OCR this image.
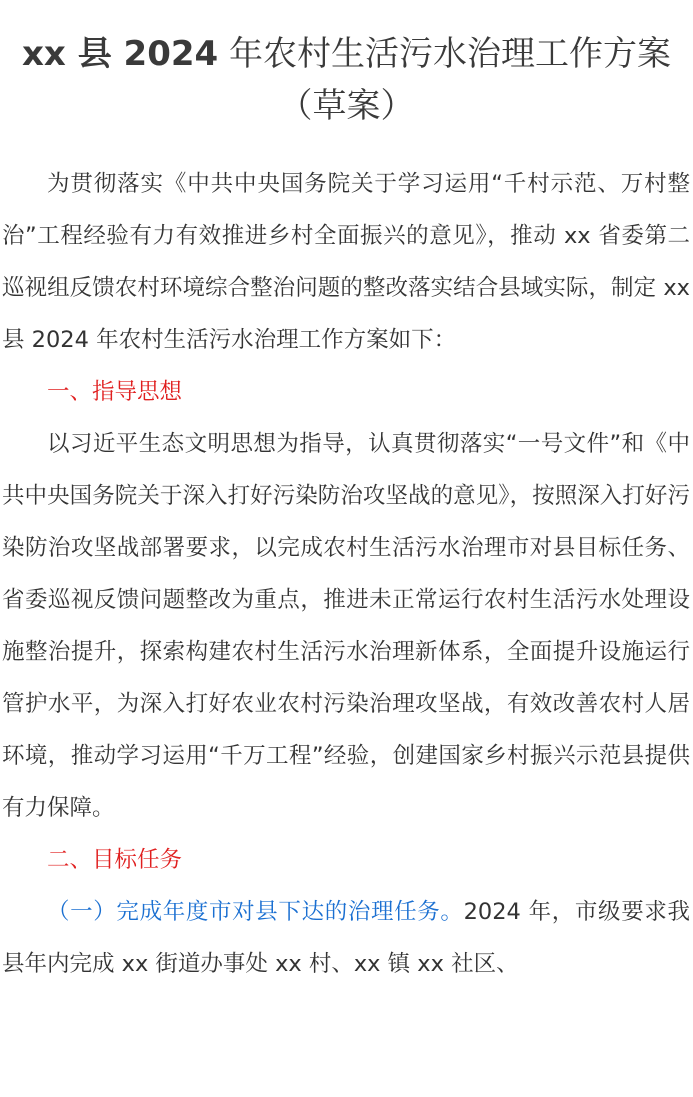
xx 县 2024 年农村生活污水治理工作方案
（草案）

为贯彻落实《中共中央国务院关于学习运用“千村示范、万村整治”工程经验有力有效推进乡村全面振兴的意见》，推动 xx 省委第二巡视组反馈农村环境综合整治问题的整改落实结合县域实际，制定 xx 县 2024 年农村生活污水治理工作方案如下：

一、指导思想

以习近平生态文明思想为指导，认真贯彻落实“一号文件”和《中共中央国务院关于深入打好污染防治攻坚战的意见》，按照深入打好污染防治攻坚战部署要求，以完成农村生活污水治理市对县目标任务、省委巡视反馈问题整改为重点，推进未正常运行农村生活污水处理设施整治提升，探索构建农村生活污水治理新体系，全面提升设施运行管护水平，为深入打好农业农村污染治理攻坚战，有效改善农村人居环境，推动学习运用“千万工程”经验，创建国家乡村振兴示范县提供有力保障。

二、目标任务

（一）完成年度市对县下达的治理任务。2024 年，市级要求我县年内完成 xx 街道办事处 xx 村、xx 镇 xx 社区、
